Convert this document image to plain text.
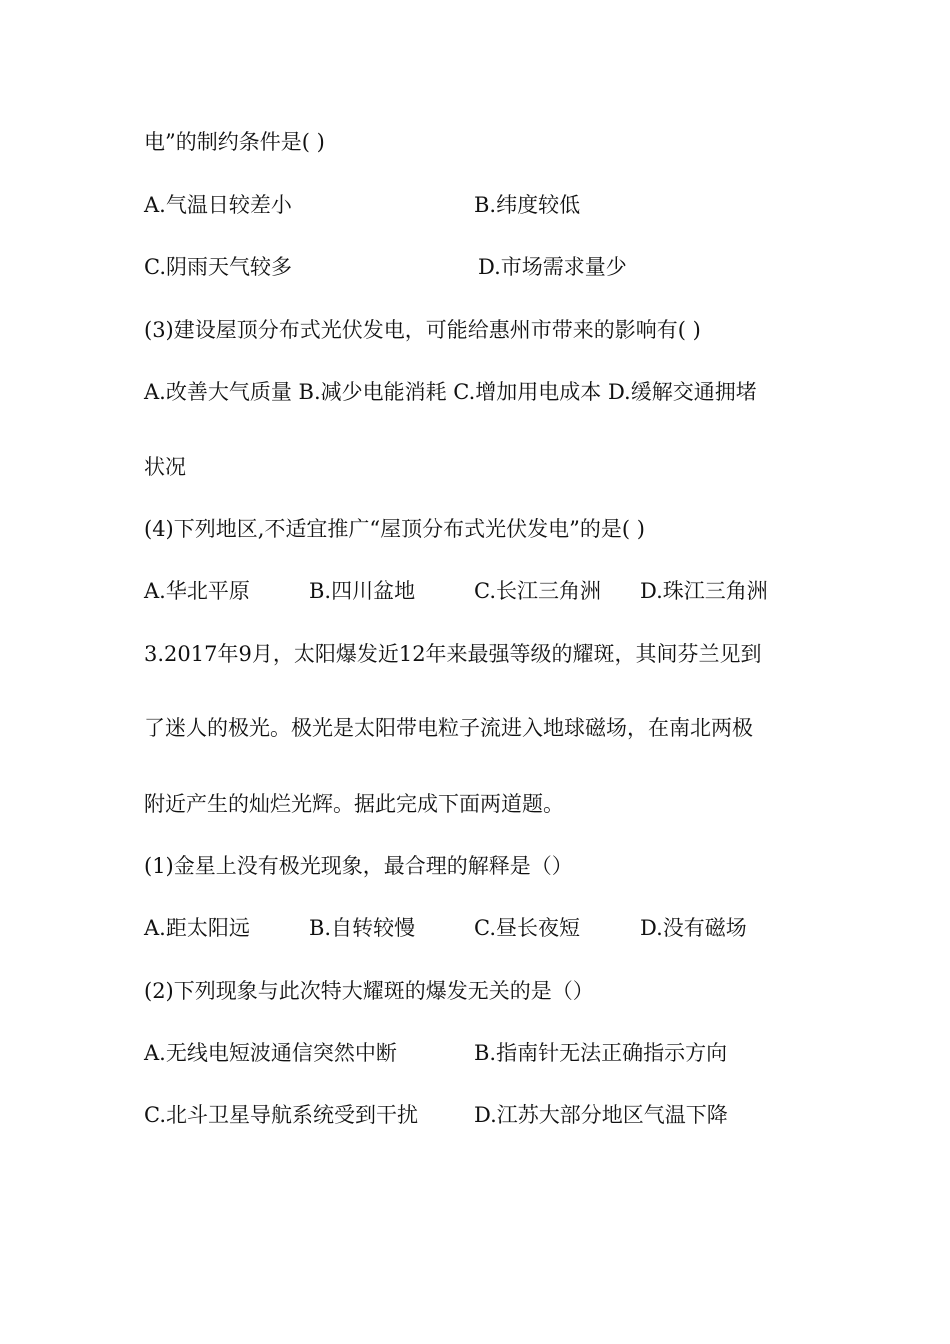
电”的制约条件是( )
A.气温日较差小	B.纬度较低
C.阴雨天气较多	D.市场需求量少
(3)建设屋顶分布式光伏发电，可能给惠州市带来的影响有( )
A.改善大气质量 B.减少电能消耗 C.增加用电成本 D.缓解交通拥堵
状况
(4)下列地区,不适宜推广“屋顶分布式光伏发电”的是( )
A.华北平原	B.四川盆地	C.长江三角洲 D.珠江三角洲
3.2017年9月，太阳爆发近12年来最强等级的耀斑，其间芬兰见到
了迷人的极光。极光是太阳带电粒子流进入地球磁场，在南北两极
附近产生的灿烂光辉。据此完成下面两道题。
(1)金星上没有极光现象，最合理的解释是（）
A.距太阳远	B.自转较慢	C.昼长夜短	D.没有磁场
(2)下列现象与此次特大耀斑的爆发无关的是（）
A.无线电短波通信突然中断	B.指南针无法正确指示方向
C.北斗卫星导航系统受到干扰	D.江苏大部分地区气温下降
